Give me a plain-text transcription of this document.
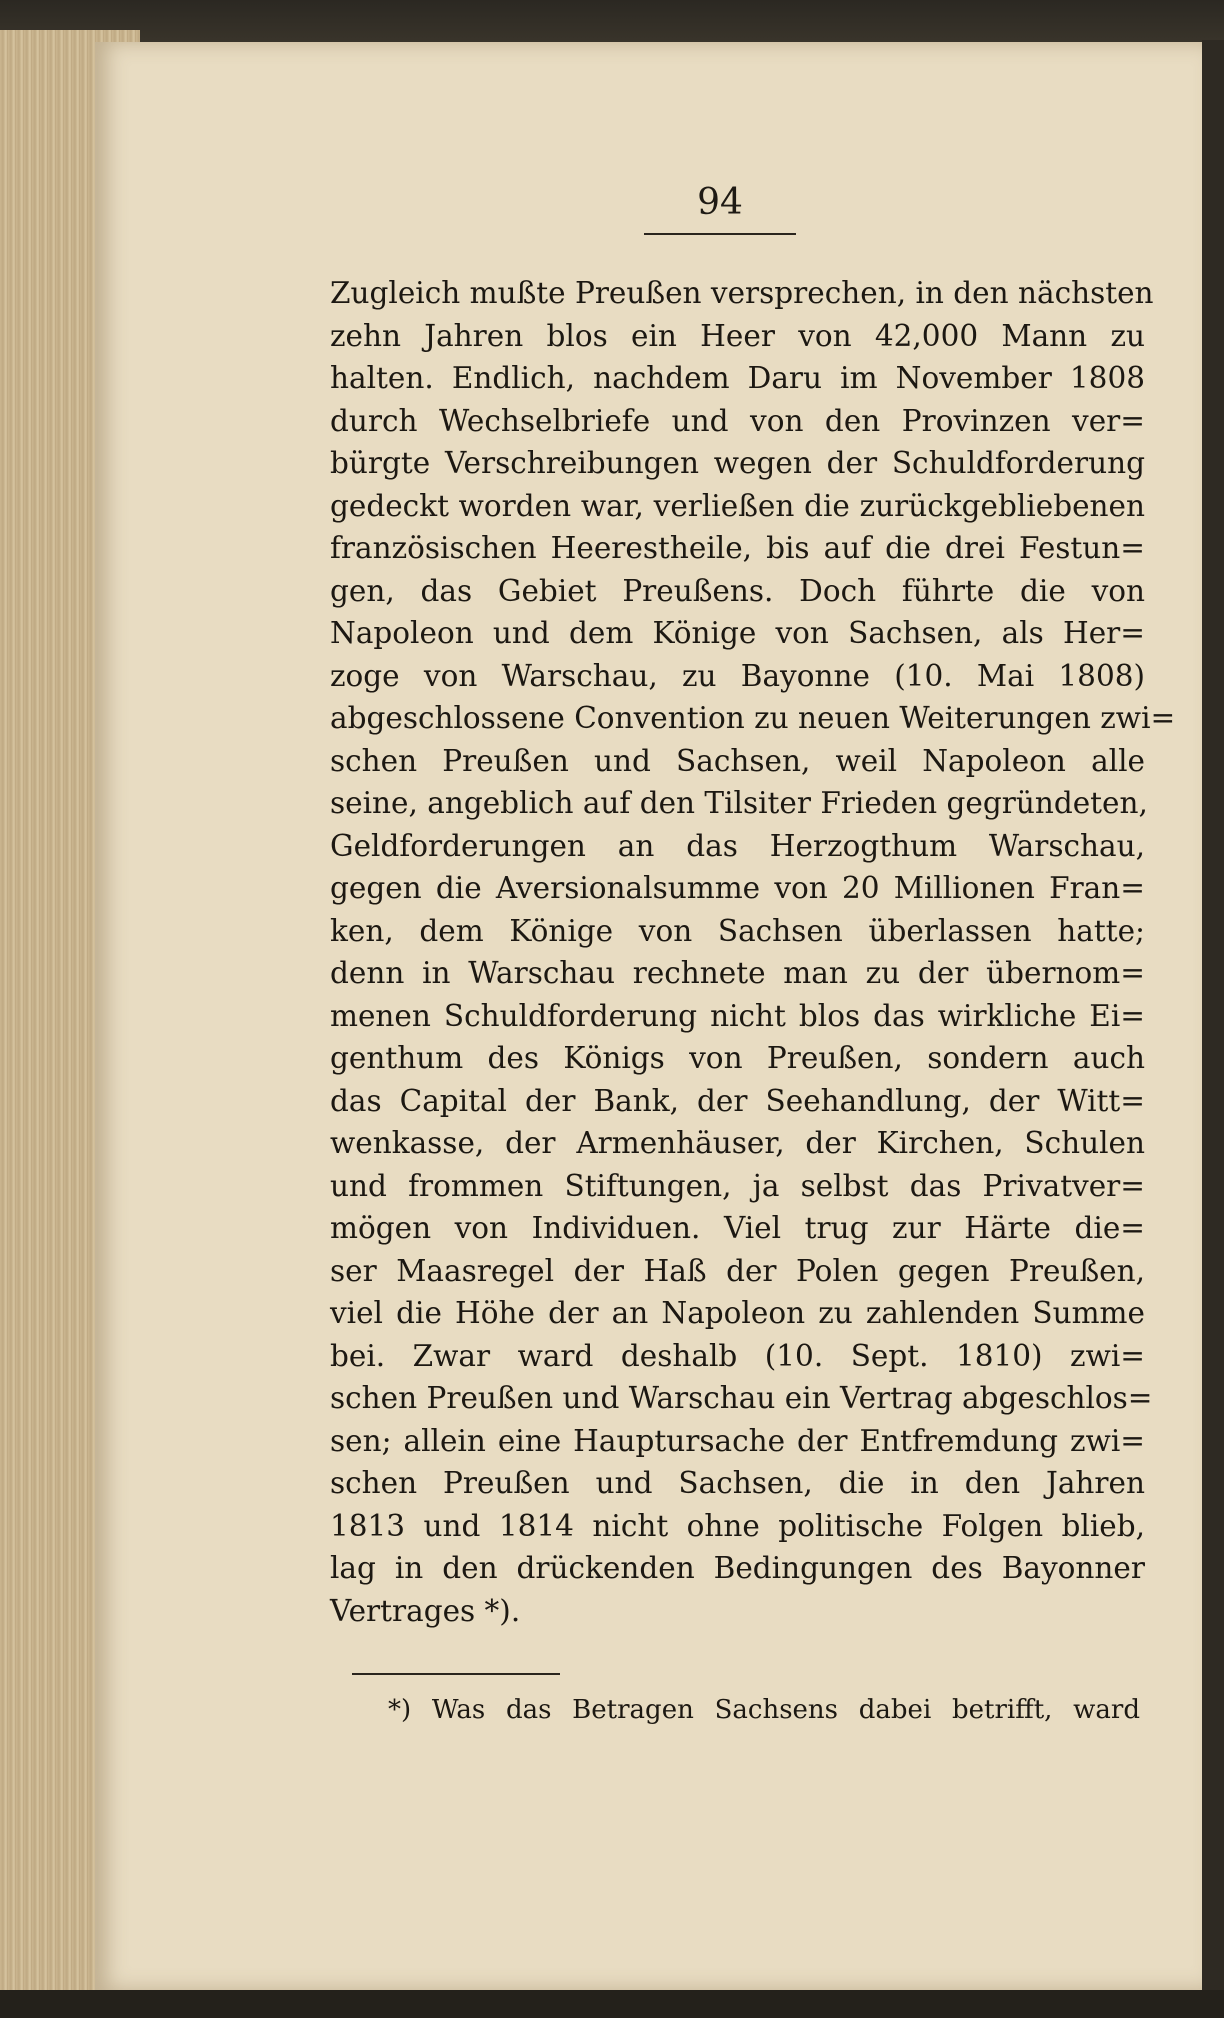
94
Zugleich mußte Preußen versprechen, in den nächsten
zehn Jahren blos ein Heer von 42,000 Mann zu
halten. Endlich, nachdem Daru im November 1808
durch Wechselbriefe und von den Provinzen ver=
bürgte Verschreibungen wegen der Schuldforderung
gedeckt worden war, verließen die zurückgebliebenen
französischen Heerestheile, bis auf die drei Festun=
gen, das Gebiet Preußens. Doch führte die von
Napoleon und dem Könige von Sachsen, als Her=
zoge von Warschau, zu Bayonne (10. Mai 1808)
abgeschlossene Convention zu neuen Weiterungen zwi=
schen Preußen und Sachsen, weil Napoleon alle
seine, angeblich auf den Tilsiter Frieden gegründeten,
Geldforderungen an das Herzogthum Warschau,
gegen die Aversionalsumme von 20 Millionen Fran=
ken, dem Könige von Sachsen überlassen hatte;
denn in Warschau rechnete man zu der übernom=
menen Schuldforderung nicht blos das wirkliche Ei=
genthum des Königs von Preußen, sondern auch
das Capital der Bank, der Seehandlung, der Witt=
wenkasse, der Armenhäuser, der Kirchen, Schulen
und frommen Stiftungen, ja selbst das Privatver=
mögen von Individuen. Viel trug zur Härte die=
ser Maasregel der Haß der Polen gegen Preußen,
viel die Höhe der an Napoleon zu zahlenden Summe
bei. Zwar ward deshalb (10. Sept. 1810) zwi=
schen Preußen und Warschau ein Vertrag abgeschlos=
sen; allein eine Hauptursache der Entfremdung zwi=
schen Preußen und Sachsen, die in den Jahren
1813 und 1814 nicht ohne politische Folgen blieb,
lag in den drückenden Bedingungen des Bayonner
Vertrages *).
*) Was das Betragen Sachsens dabei betrifft, ward
